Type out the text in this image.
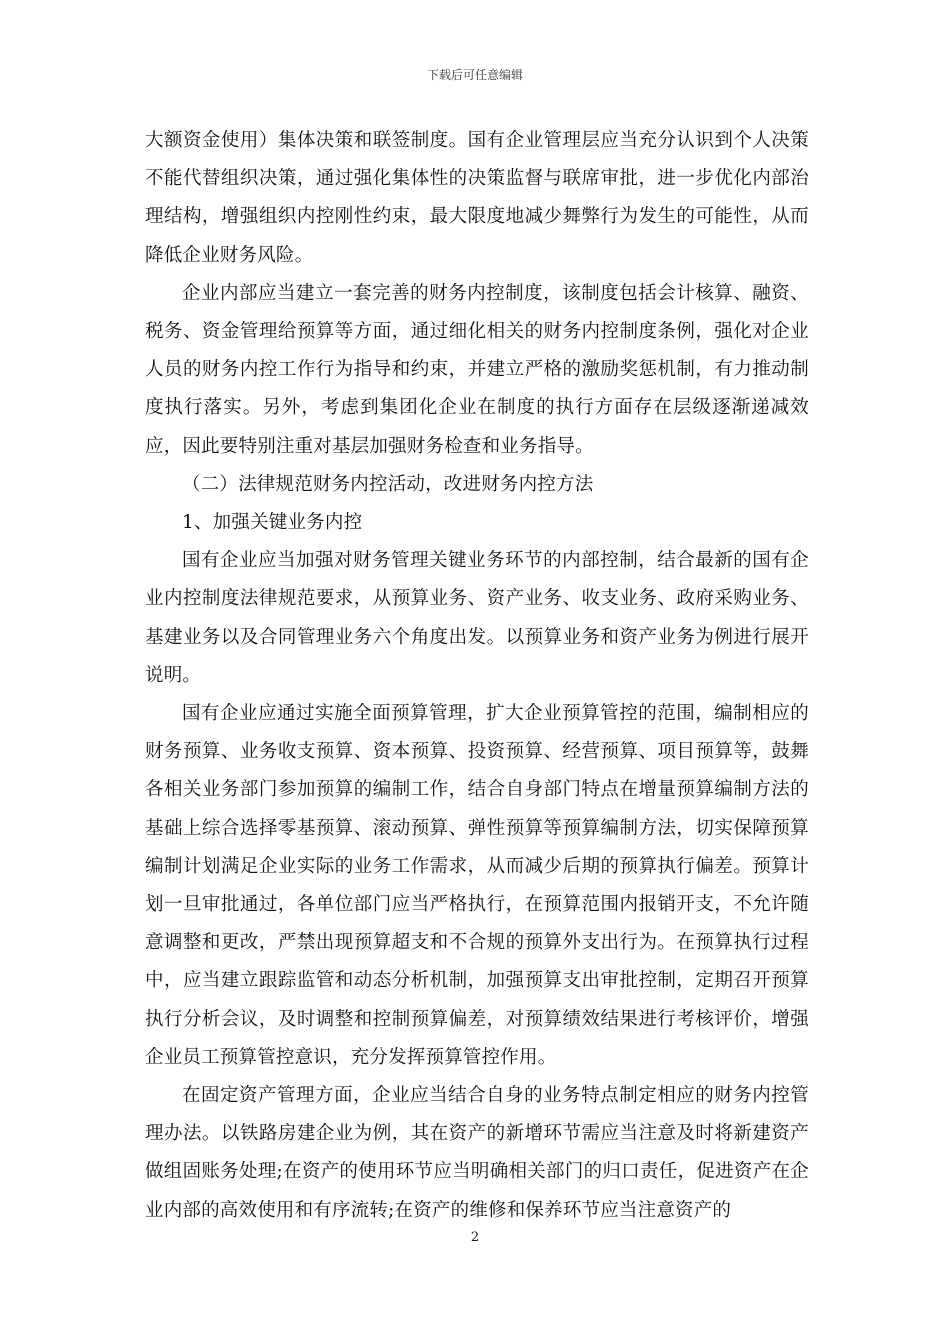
下载后可任意编辑

大额资金使用）集体决策和联签制度。国有企业管理层应当充分认识到个人决策不能代替组织决策，通过强化集体性的决策监督与联席审批，进一步优化内部治理结构，增强组织内控刚性约束，最大限度地减少舞弊行为发生的可能性，从而降低企业财务风险。

企业内部应当建立一套完善的财务内控制度，该制度包括会计核算、融资、税务、资金管理给预算等方面，通过细化相关的财务内控制度条例，强化对企业人员的财务内控工作行为指导和约束，并建立严格的激励奖惩机制，有力推动制度执行落实。另外，考虑到集团化企业在制度的执行方面存在层级逐渐递减效应，因此要特别注重对基层加强财务检查和业务指导。

（二）法律规范财务内控活动，改进财务内控方法

1、加强关键业务内控

国有企业应当加强对财务管理关键业务环节的内部控制，结合最新的国有企业内控制度法律规范要求，从预算业务、资产业务、收支业务、政府采购业务、基建业务以及合同管理业务六个角度出发。以预算业务和资产业务为例进行展开说明。

国有企业应通过实施全面预算管理，扩大企业预算管控的范围，编制相应的财务预算、业务收支预算、资本预算、投资预算、经营预算、项目预算等，鼓舞各相关业务部门参加预算的编制工作，结合自身部门特点在增量预算编制方法的基础上综合选择零基预算、滚动预算、弹性预算等预算编制方法，切实保障预算编制计划满足企业实际的业务工作需求，从而减少后期的预算执行偏差。预算计划一旦审批通过，各单位部门应当严格执行，在预算范围内报销开支，不允许随意调整和更改，严禁出现预算超支和不合规的预算外支出行为。在预算执行过程中，应当建立跟踪监管和动态分析机制，加强预算支出审批控制，定期召开预算执行分析会议，及时调整和控制预算偏差，对预算绩效结果进行考核评价，增强企业员工预算管控意识，充分发挥预算管控作用。

在固定资产管理方面，企业应当结合自身的业务特点制定相应的财务内控管理办法。以铁路房建企业为例，其在资产的新增环节需应当注意及时将新建资产做组固账务处理;在资产的使用环节应当明确相关部门的归口责任，促进资产在企业内部的高效使用和有序流转;在资产的维修和保养环节应当注意资产的

2
